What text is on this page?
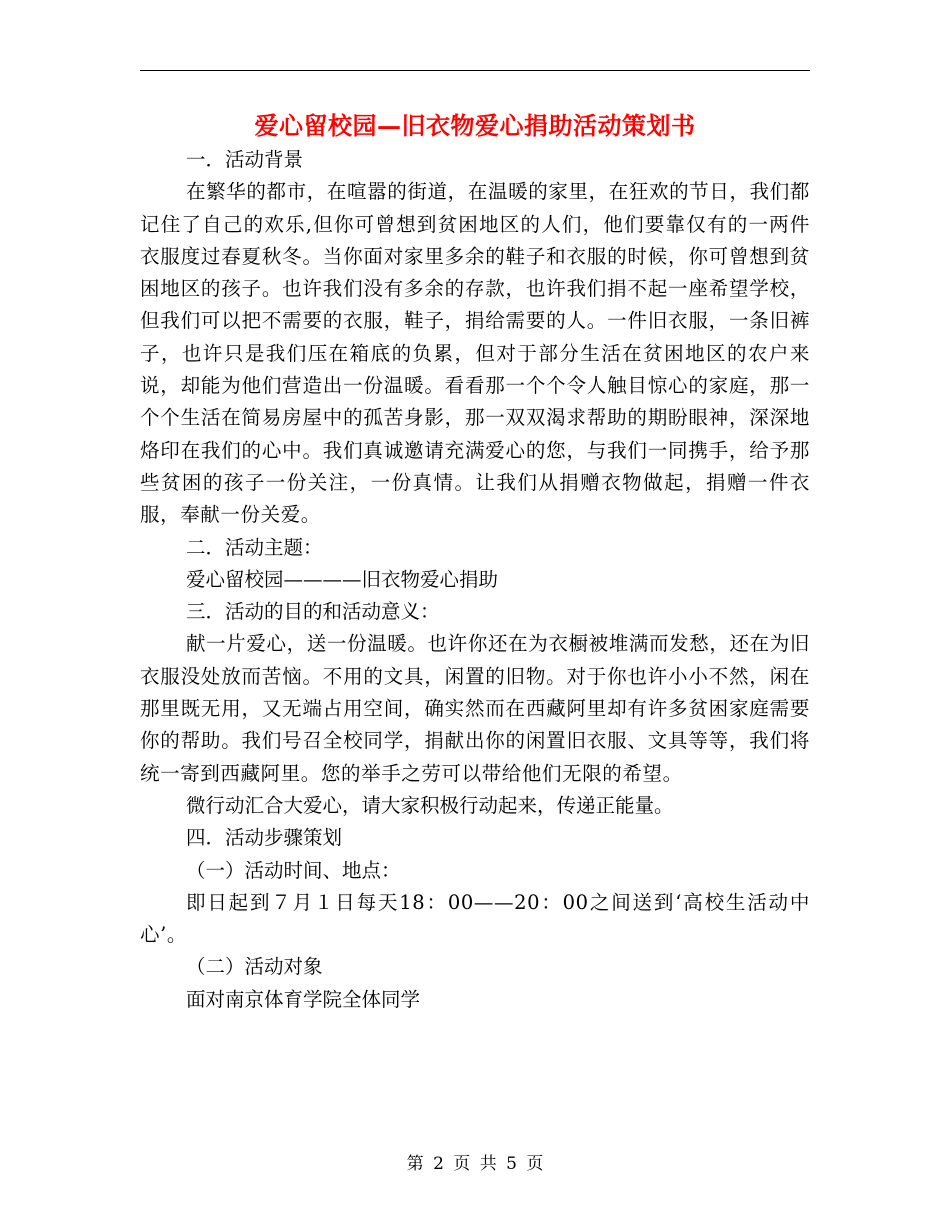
爱心留校园—旧衣物爱心捐助活动策划书

一．活动背景

在繁华的都市，在喧嚣的街道，在温暖的家里，在狂欢的节日，我们都记住了自己的欢乐,但你可曾想到贫困地区的人们，他们要靠仅有的一两件衣服度过春夏秋冬。当你面对家里多余的鞋子和衣服的时候，你可曾想到贫困地区的孩子。也许我们没有多余的存款，也许我们捐不起一座希望学校，但我们可以把不需要的衣服，鞋子，捐给需要的人。一件旧衣服，一条旧裤子，也许只是我们压在箱底的负累，但对于部分生活在贫困地区的农户来说，却能为他们营造出一份温暖。看看那一个个令人触目惊心的家庭，那一个个生活在简易房屋中的孤苦身影，那一双双渴求帮助的期盼眼神，深深地烙印在我们的心中。我们真诚邀请充满爱心的您，与我们一同携手，给予那些贫困的孩子一份关注，一份真情。让我们从捐赠衣物做起，捐赠一件衣服，奉献一份关爱。

二．活动主题：

爱心留校园————旧衣物爱心捐助

三．活动的目的和活动意义：

献一片爱心，送一份温暖。也许你还在为衣橱被堆满而发愁，还在为旧衣服没处放而苦恼。不用的文具，闲置的旧物。对于你也许小小不然，闲在那里既无用，又无端占用空间，确实然而在西藏阿里却有许多贫困家庭需要你的帮助。我们号召全校同学，捐献出你的闲置旧衣服、文具等等，我们将统一寄到西藏阿里。您的举手之劳可以带给他们无限的希望。

微行动汇合大爱心，请大家积极行动起来，传递正能量。

四．活动步骤策划

（一）活动时间、地点：

即日起到７月１日每天18：00——20：00之间送到‘高校生活动中心’。

（二）活动对象

面对南京体育学院全体同学

第 2 页 共 5 页
